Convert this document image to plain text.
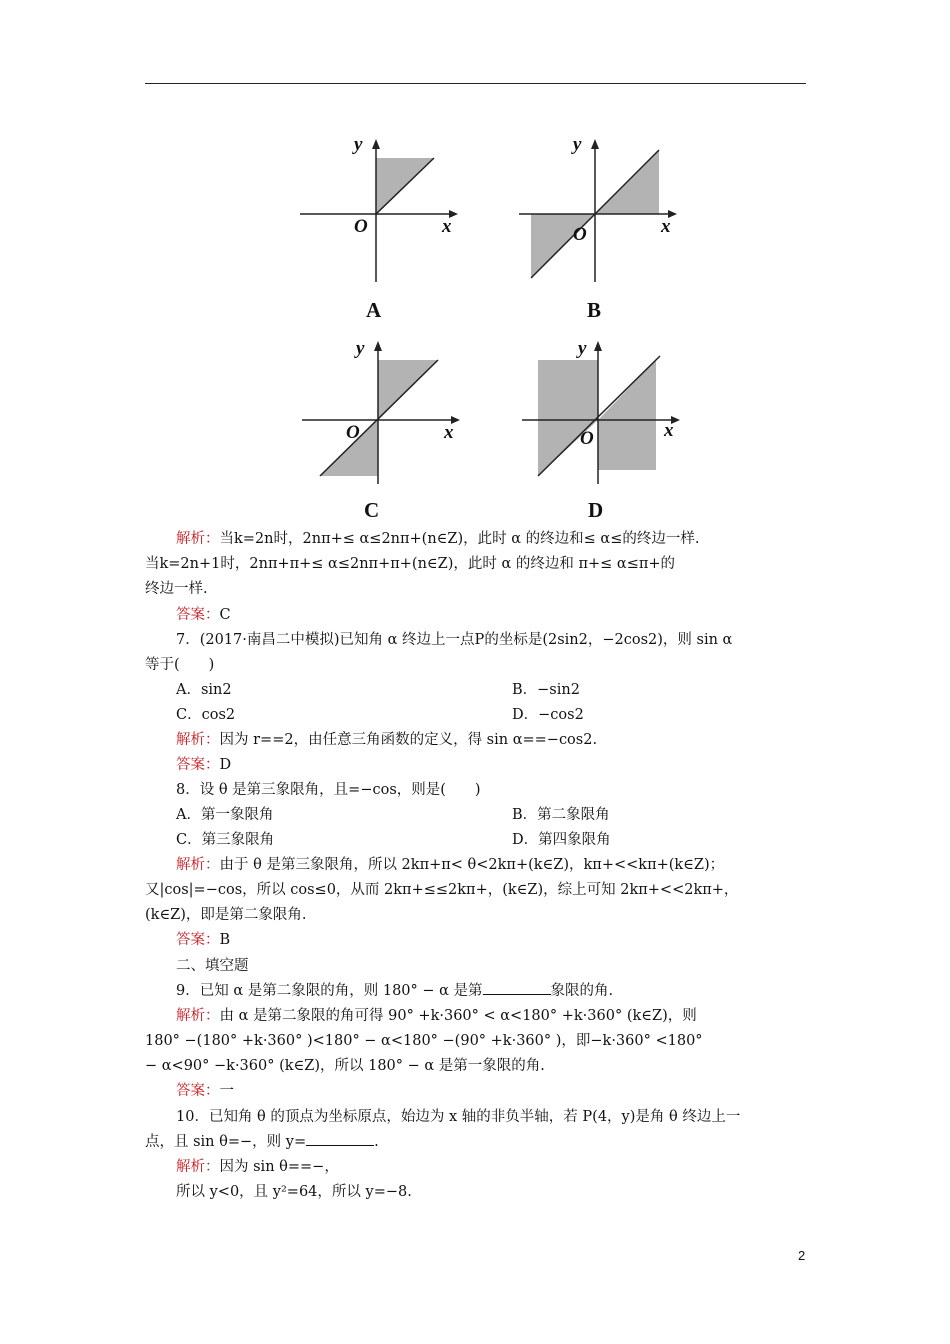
y
x
O
A
y
x
O
B
y
x
O
C
y
x
O
D
解析：当k=2n时，2nπ+≤ α≤2nπ+(n∈Z)，此时 α 的终边和≤ α≤的终边一样.
当k=2n+1时，2nπ+π+≤ α≤2nπ+π+(n∈Z)，此时 α 的终边和 π+≤ α≤π+的
终边一样.
答案：C
7．(2017·南昌二中模拟)已知角 α 终边上一点P的坐标是(2sin2，−2cos2)，则 sin α
等于(　　)
A．sin2	B．−sin2
C．cos2	D．−cos2
解析：因为 r==2，由任意三角函数的定义，得 sin α==−cos2.
答案：D
8．设 θ 是第三象限角，且=−cos，则是(　　)
A．第一象限角	B．第二象限角
C．第三象限角	D．第四象限角
解析：由于 θ 是第三象限角，所以 2kπ+π< θ<2kπ+(k∈Z)，kπ+<<kπ+(k∈Z)；
又|cos|=−cos，所以 cos≤0，从而 2kπ+≤≤2kπ+，(k∈Z)，综上可知 2kπ+<<2kπ+，
(k∈Z)，即是第二象限角.
答案：B
二、填空题
9．已知 α 是第二象限的角，则 180° − α 是第	象限的角.
解析：由 α 是第二象限的角可得 90° +k·360° < α<180° +k·360° (k∈Z)，则
180° −(180° +k·360° )<180° − α<180° −(90° +k·360° )，即−k·360° <180°
− α<90° −k·360° (k∈Z)，所以 180° − α 是第一象限的角.
答案：一
10．已知角 θ 的顶点为坐标原点，始边为 x 轴的非负半轴，若 P(4，y)是角 θ 终边上一
点，且 sin θ=−，则 y=	.
解析：因为 sin θ==−，
所以 y<0，且 y²=64，所以 y=−8.
2
